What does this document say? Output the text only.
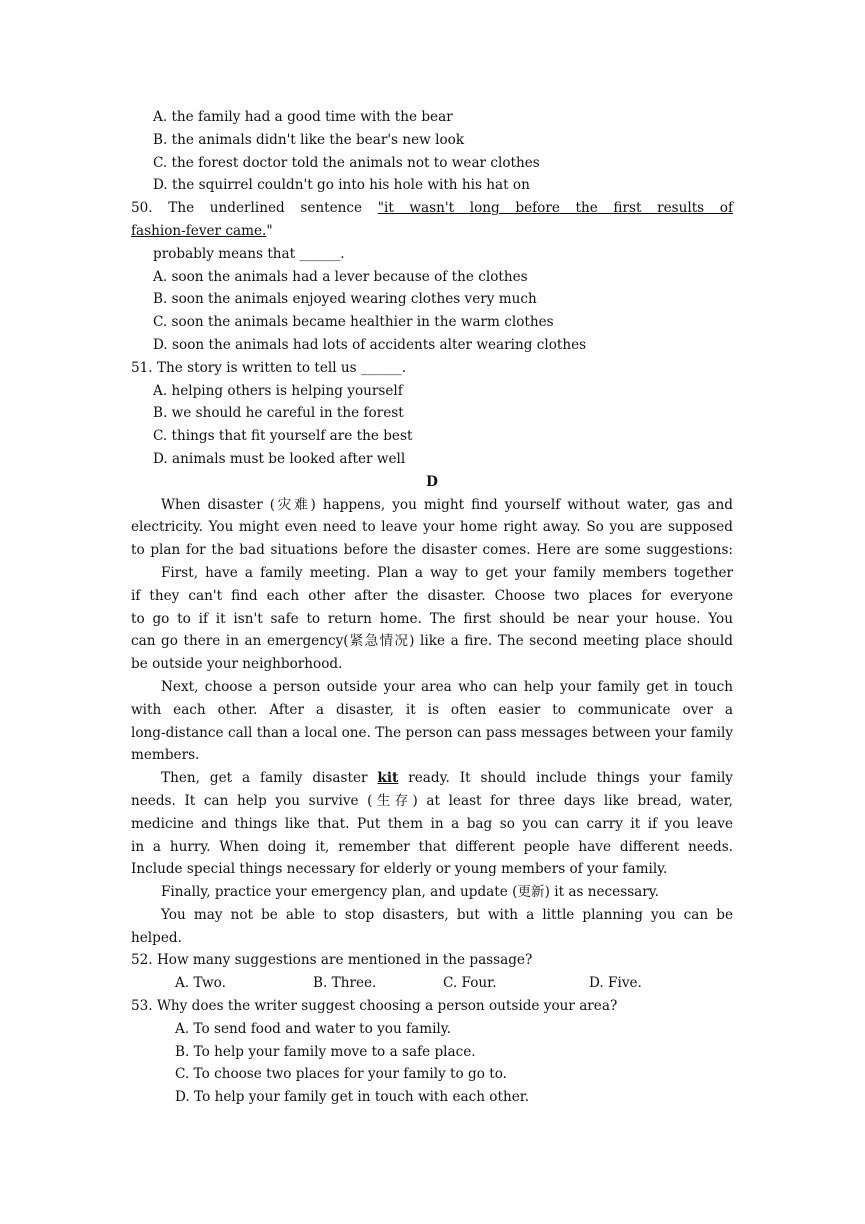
A. the family had a good time with the bear
B. the animals didn't like the bear's new look
C. the forest doctor told the animals not to wear clothes
D. the squirrel couldn't go into his hole with his hat on
50. The underlined sentence "it wasn't long before the first results of
fashion-fever came."
probably means that ______.
A. soon the animals had a lever because of the clothes
B. soon the animals enjoyed wearing clothes very much
C. soon the animals became healthier in the warm clothes
D. soon the animals had lots of accidents alter wearing clothes
51. The story is written to tell us ______.
A. helping others is helping yourself
B. we should he careful in the forest
C. things that fit yourself are the best
D. animals must be looked after well
D
When disaster (灾难) happens, you might find yourself without water, gas and
electricity. You might even need to leave your home right away. So you are supposed
to plan for the bad situations before the disaster comes. Here are some suggestions:
First, have a family meeting. Plan a way to get your family members together
if they can't find each other after the disaster. Choose two places for everyone
to go to if it isn't safe to return home. The first should be near your house. You
can go there in an emergency(紧急情况) like a fire. The second meeting place should
be outside your neighborhood.
Next, choose a person outside your area who can help your family get in touch
with each other. After a disaster, it is often easier to communicate over a
long-distance call than a local one. The person can pass messages between your family
members.
Then, get a family disaster kit ready. It should include things your family
needs. It can help you survive (生存) at least for three days like bread, water,
medicine and things like that. Put them in a bag so you can carry it if you leave
in a hurry. When doing it, remember that different people have different needs.
Include special things necessary for elderly or young members of your family.
Finally, practice your emergency plan, and update (更新) it as necessary.
You may not be able to stop disasters, but with a little planning you can be
helped.
52. How many suggestions are mentioned in the passage?
A. Two.	B. Three.	C. Four.	D. Five.
53. Why does the writer suggest choosing a person outside your area?
A. To send food and water to you family.
B. To help your family move to a safe place.
C. To choose two places for your family to go to.
D. To help your family get in touch with each other.
